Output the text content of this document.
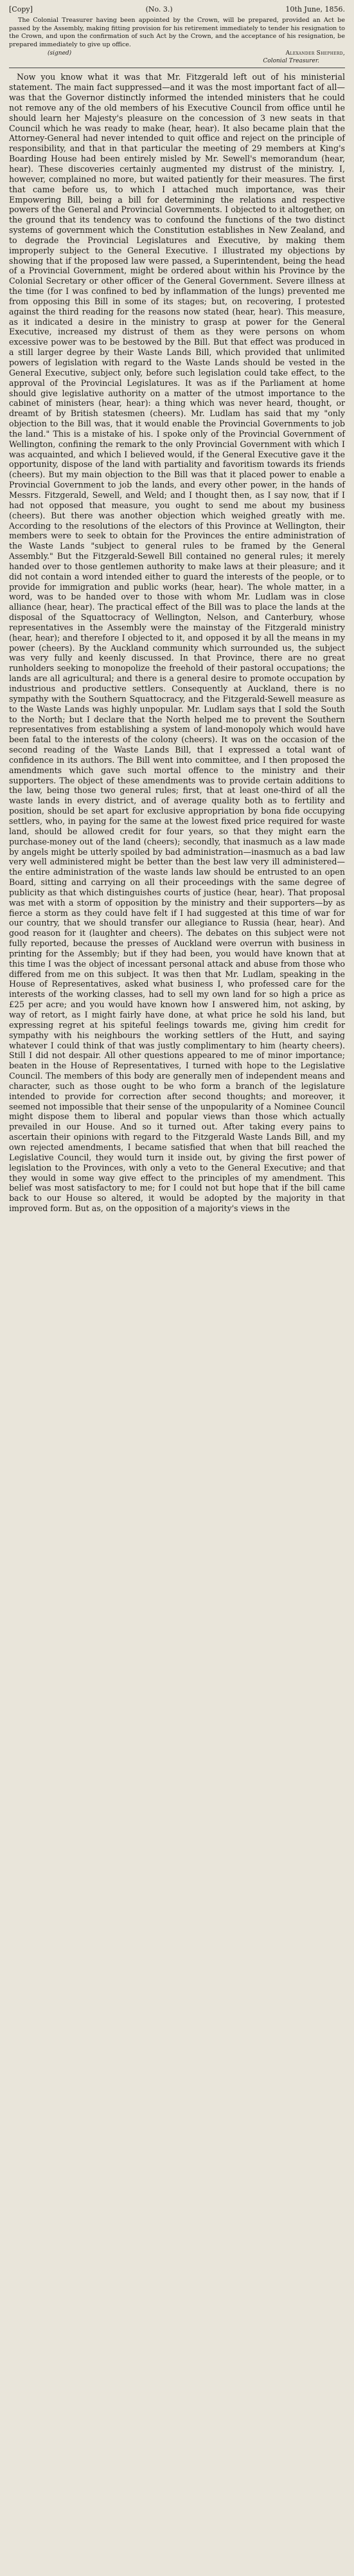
[Copy]	(No. 3.)	10th June, 1856.

The Colonial Treasurer having been appointed by the Crown, will be prepared, provided an Act be passed by the Assembly, making fitting provision for his retirement immediately to tender his resignation to the Crown, and upon the confirmation of such Act by the Crown, and the acceptance of his resignation, be prepared immediately to give up office.

(signed)	Alexander Shepherd,
Colonial Treasurer.

Now you know what it was that Mr. Fitzgerald left out of his ministerial statement. The main fact suppressed—and it was the most important fact of all—was that the Governor distinctly informed the intended ministers that he could not remove any of the old members of his Executive Council from office until he should learn her Majesty's pleasure on the concession of 3 new seats in that Council which he was ready to make (hear, hear). It also became plain that the Attorney-General had never intended to quit office and reject on the principle of responsibility, and that in that particular the meeting of 29 members at King's Boarding House had been entirely misled by Mr. Sewell's memorandum (hear, hear). These discoveries certainly augmented my distrust of the ministry. I, however, complained no more, but waited patiently for their measures. The first that came before us, to which I attached much importance, was their Empowering Bill, being a bill for determining the relations and respective powers of the General and Provincial Governments. I objected to it altogether, on the ground that its tendency was to confound the functions of the two distinct systems of government which the Constitution establishes in New Zealand, and to degrade the Provincial Legislatures and Executive, by making them improperly subject to the General Executive. I illustrated my objections by showing that if the proposed law were passed, a Superintendent, being the head of a Provincial Government, might be ordered about within his Province by the Colonial Secretary or other officer of the General Government. Severe illness at the time (for I was confined to bed by inflammation of the lungs) prevented me from opposing this Bill in some of its stages; but, on recovering, I protested against the third reading for the reasons now stated (hear, hear). This measure, as it indicated a desire in the ministry to grasp at power for the General Executive, increased my distrust of them as they were persons on whom excessive power was to be bestowed by the Bill. But that effect was produced in a still larger degree by their Waste Lands Bill, which provided that unlimited powers of legislation with regard to the Waste Lands should be vested in the General Executive, subject only, before such legislation could take effect, to the approval of the Provincial Legislatures. It was as if the Parliament at home should give legislative authority on a matter of the utmost importance to the cabinet of ministers (hear, hear): a thing which was never heard, thought, or dreamt of by British statesmen (cheers). Mr. Ludlam has said that my "only objection to the Bill was, that it would enable the Provincial Governments to job the land." This is a mistake of his. I spoke only of the Provincial Government of Wellington, confining the remark to the only Provincial Government with which I was acquainted, and which I believed would, if the General Executive gave it the opportunity, dispose of the land with partiality and favoritism towards its friends (cheers). But my main objection to the Bill was that it placed power to enable a Provincial Government to job the lands, and every other power, in the hands of Messrs. Fitzgerald, Sewell, and Weld; and I thought then, as I say now, that if I had not opposed that measure, you ought to send me about my business (cheers). But there was another objection which weighed greatly with me. According to the resolutions of the electors of this Province at Wellington, their members were to seek to obtain for the Provinces the entire administration of the Waste Lands "subject to general rules to be framed by the General Assembly." But the Fitzgerald-Sewell Bill contained no general rules; it merely handed over to those gentlemen authority to make laws at their pleasure; and it did not contain a word intended either to guard the interests of the people, or to provide for immigration and public works (hear, hear). The whole matter, in a word, was to be handed over to those with whom Mr. Ludlam was in close alliance (hear, hear). The practical effect of the Bill was to place the lands at the disposal of the Squattocracy of Wellington, Nelson, and Canterbury, whose representatives in the Assembly were the mainstay of the Fitzgerald ministry (hear, hear); and therefore I objected to it, and opposed it by all the means in my power (cheers). By the Auckland community which surrounded us, the subject was very fully and keenly discussed. In that Province, there are no great runholders seeking to monopolize the freehold of their pastoral occupations; the lands are all agricultural; and there is a general desire to promote occupation by industrious and productive settlers. Consequently at Auckland, there is no sympathy with the Southern Squattocracy, and the Fitzgerald-Sewell measure as to the Waste Lands was highly unpopular. Mr. Ludlam says that I sold the South to the North; but I declare that the North helped me to prevent the Southern representatives from establishing a system of land-monopoly which would have been fatal to the interests of the colony (cheers). It was on the occasion of the second reading of the Waste Lands Bill, that I expressed a total want of confidence in its authors. The Bill went into committee, and I then proposed the amendments which gave such mortal offence to the ministry and their supporters. The object of these amendments was to provide certain additions to the law, being those two general rules; first, that at least one-third of all the waste lands in every district, and of average quality both as to fertility and position, should be set apart for exclusive appropriation by bona fide occupying settlers, who, in paying for the same at the lowest fixed price required for waste land, should be allowed credit for four years, so that they might earn the purchase-money out of the land (cheers); secondly, that inasmuch as a law made by angels might be utterly spoiled by bad administration—inasmuch as a bad law very well administered might be better than the best law very ill administered—the entire administration of the waste lands law should be entrusted to an open Board, sitting and carrying on all their proceedings with the same degree of publicity as that which distinguishes courts of justice (hear, hear). That proposal was met with a storm of opposition by the ministry and their supporters—by as fierce a storm as they could have felt if I had suggested at this time of war for our country, that we should transfer our allegiance to Russia (hear, hear). And good reason for it (laughter and cheers). The debates on this subject were not fully reported, because the presses of Auckland were overrun with business in printing for the Assembly; but if they had been, you would have known that at this time I was the object of incessant personal attack and abuse from those who differed from me on this subject. It was then that Mr. Ludlam, speaking in the House of Representatives, asked what business I, who professed care for the interests of the working classes, had to sell my own land for so high a price as £25 per acre; and you would have known how I answered him, not asking, by way of retort, as I might fairly have done, at what price he sold his land, but expressing regret at his spiteful feelings towards me, giving him credit for sympathy with his neighbours the working settlers of the Hutt, and saying whatever I could think of that was justly complimentary to him (hearty cheers). Still I did not despair. All other questions appeared to me of minor importance; beaten in the House of Representatives, I turned with hope to the Legislative Council. The members of this body are generally men of independent means and character, such as those ought to be who form a branch of the legislature intended to provide for correction after second thoughts; and moreover, it seemed not impossible that their sense of the unpopularity of a Nominee Council might dispose them to liberal and popular views than those which actually prevailed in our House. And so it turned out. After taking every pains to ascertain their opinions with regard to the Fitzgerald Waste Lands Bill, and my own rejected amendments, I became satisfied that when that bill reached the Legislative Council, they would turn it inside out, by giving the first power of legislation to the Provinces, with only a veto to the General Executive; and that they would in some way give effect to the principles of my amendment. This belief was most satisfactory to me; for I could not but hope that if the bill came back to our House so altered, it would be adopted by the majority in that improved form. But as, on the opposition of a majority's views in the
